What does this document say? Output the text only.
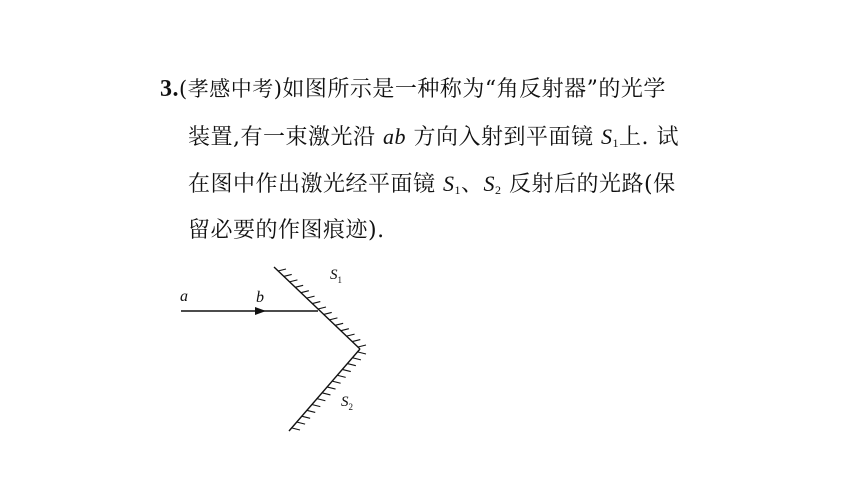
3.(孝感中考)如图所示是一种称为“角反射器”的光学
装置,有一束激光沿 ab 方向入射到平面镜 $S_1$上. 试
在图中作出激光经平面镜 $S_1$、$S_2$ 反射后的光路(保
留必要的作图痕迹).
a	b
$S_1$
$S_2$
